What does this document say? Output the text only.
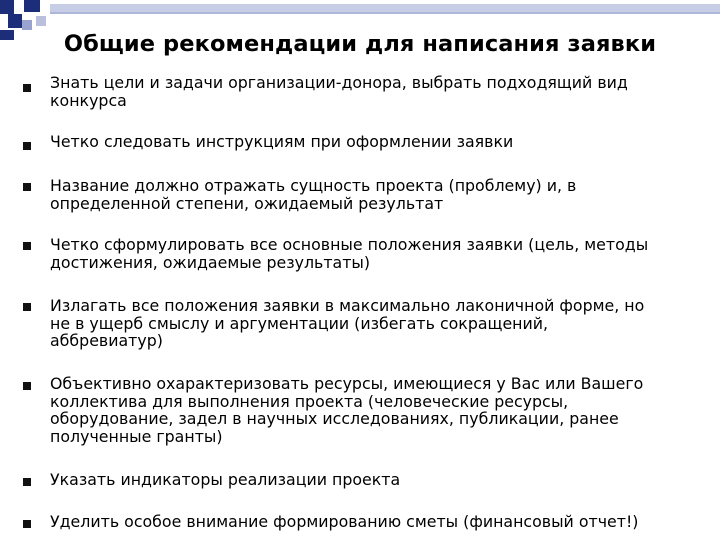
Общие рекомендации для написания заявки
Знать цели и задачи организации-донора, выбрать подходящий вид
конкурса
Четко следовать инструкциям при оформлении заявки
Название должно отражать сущность проекта (проблему) и, в
определенной степени, ожидаемый результат
Четко сформулировать все основные положения заявки (цель, методы
достижения, ожидаемые результаты)
Излагать все положения заявки в максимально лаконичной форме, но
не в ущерб смыслу и аргументации (избегать сокращений,
аббревиатур)
Объективно охарактеризовать ресурсы, имеющиеся у Вас или Вашего
коллектива для выполнения проекта (человеческие ресурсы,
оборудование, задел в научных исследованиях, публикации, ранее
полученные гранты)
Указать индикаторы реализации проекта
Уделить особое внимание формированию сметы (финансовый отчет!)
